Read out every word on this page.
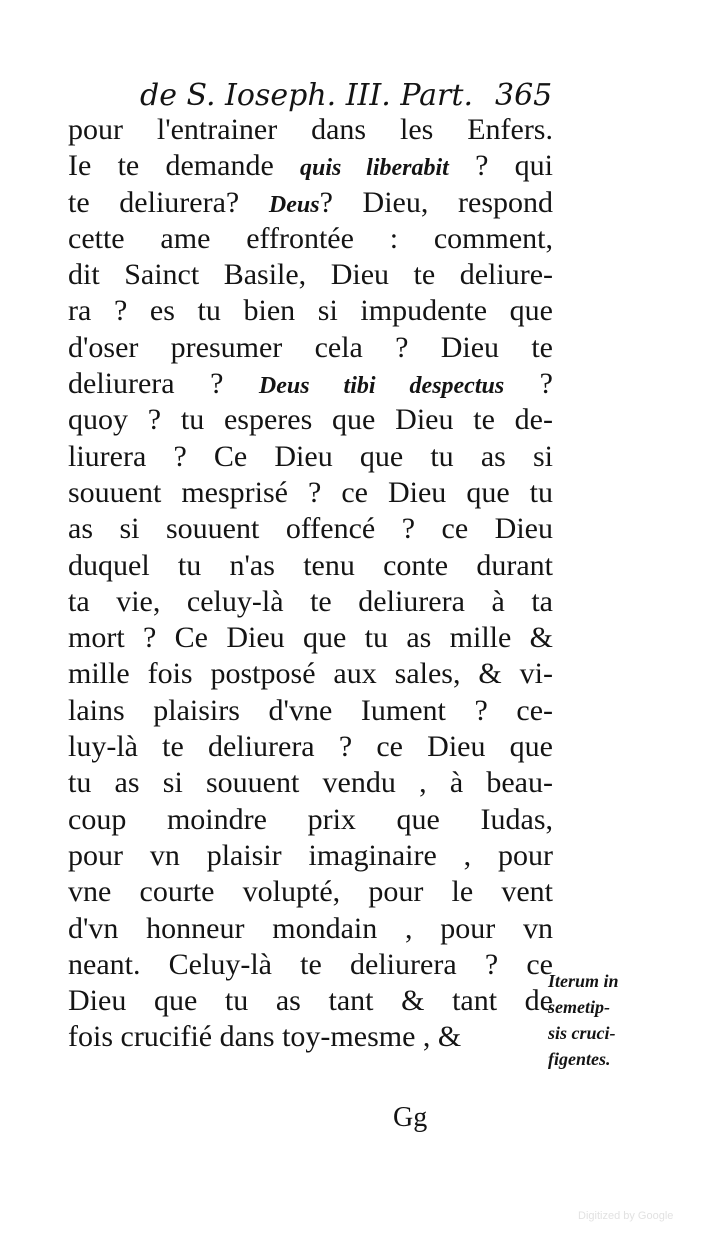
de S. Ioseph. III. Part. 365
pour l'entrainer dans les Enfers.
Ie te demande quis liberabit ? qui
te deliurera? Deus? Dieu, respond
cette ame effrontée : comment,
dit Sainct Basile, Dieu te deliure-
ra ? es tu bien si impudente que
d'oser presumer cela ? Dieu te
deliurera ? Deus tibi despectus ?
quoy ? tu esperes que Dieu te de-
liurera ? Ce Dieu que tu as si
souuent mesprisé ? ce Dieu que tu
as si souuent offencé ? ce Dieu
duquel tu n'as tenu conte durant
ta vie, celuy-là te deliurera à ta
mort ? Ce Dieu que tu as mille &
mille fois postposé aux sales, & vi-
lains plaisirs d'vne Iument ? ce-
luy-là te deliurera ? ce Dieu que
tu as si souuent vendu , à beau-
coup moindre prix que Iudas,
pour vn plaisir imaginaire , pour
vne courte volupté, pour le vent
d'vn honneur mondain , pour vn
neant. Celuy-là te deliurera ? ce
Dieu que tu as tant & tant de
fois crucifié dans toy-mesme , &
Iterum in
semetip-
sis cruci-
figentes.
Gg
Digitized by Google
